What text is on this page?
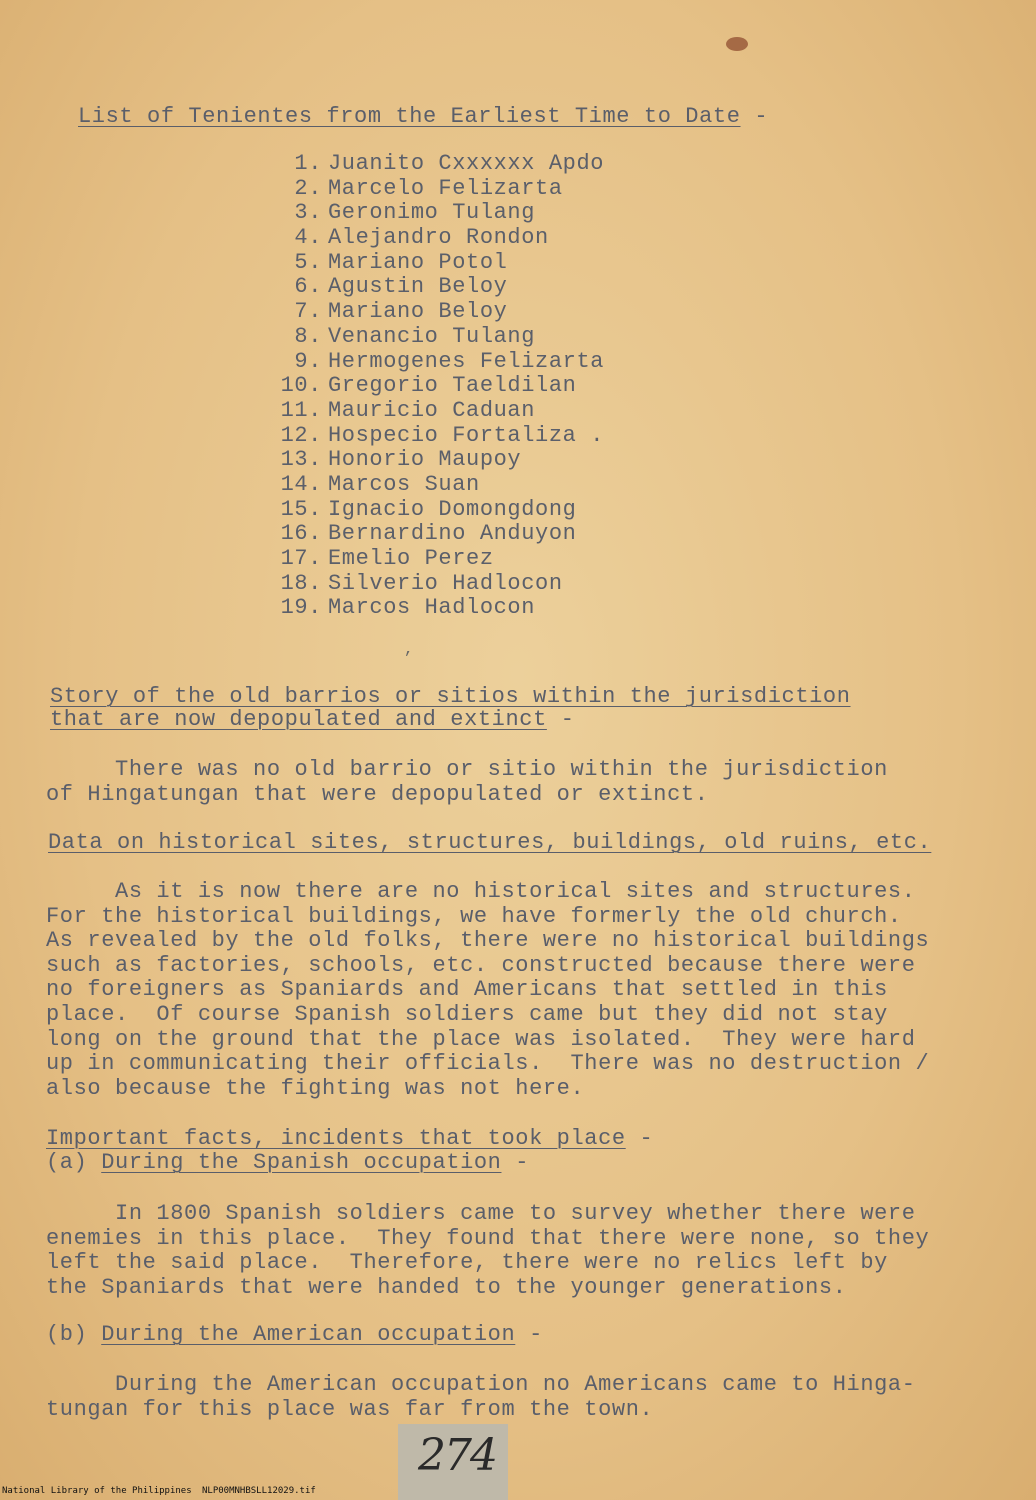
List of Tenientes from the Earliest Time to Date -
1. Juanito Cxxxxxx Apdo
2. Marcelo Felizarta
3. Geronimo Tulang
4. Alejandro Rondon
5. Mariano Potol
6. Agustin Beloy
7. Mariano Beloy
8. Venancio Tulang
9. Hermogenes Felizarta
10. Gregorio Taeldilan
11. Mauricio Caduan
12. Hospecio Fortaliza .
13. Honorio Maupoy
14. Marcos Suan
15. Ignacio Domongdong
16. Bernardino Anduyon
17. Emelio Perez
18. Silverio Hadlocon
19. Marcos Hadlocon
,
Story of the old barrios or sitios within the jurisdiction
that are now depopulated and extinct -

There was no old barrio or sitio within the jurisdiction
of Hingatungan that were depopulated or extinct.

Data on historical sites, structures, buildings, old ruins, etc.

As it is now there are no historical sites and structures.
For the historical buildings, we have formerly the old church.
As revealed by the old folks, there were no historical buildings
such as factories, schools, etc. constructed because there were
no foreigners as Spaniards and Americans that settled in this
place.  Of course Spanish soldiers came but they did not stay
long on the ground that the place was isolated.  They were hard
up in communicating their officials.  There was no destruction /
also because the fighting was not here.

Important facts, incidents that took place -
(a) During the Spanish occupation -

In 1800 Spanish soldiers came to survey whether there were
enemies in this place.  They found that there were none, so they
left the said place.  Therefore, there were no relics left by
the Spaniards that were handed to the younger generations.

(b) During the American occupation -

During the American occupation no Americans came to Hinga-
tungan for this place was far from the town.

274
National Library of the Philippines NLP00MNHBSLL12029.tif
